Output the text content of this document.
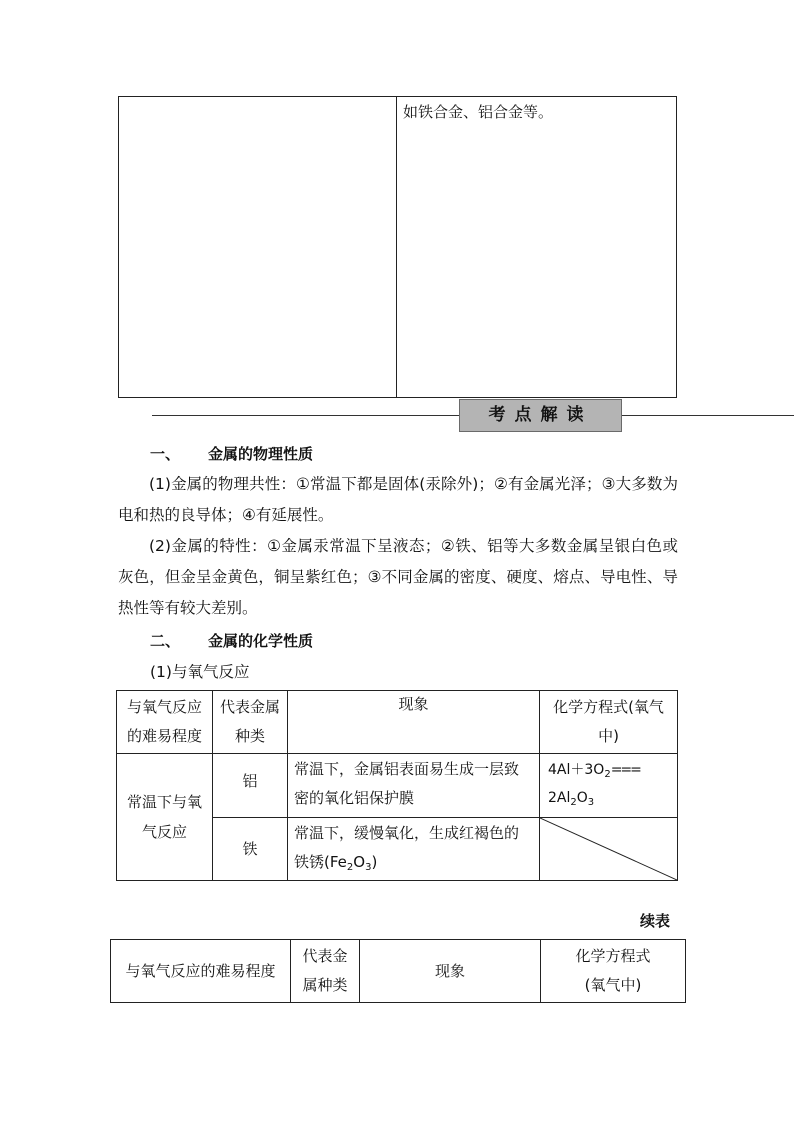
	如铁合金、铝合金等。
考点解读
一、 金属的物理性质
(1)金属的物理共性：①常温下都是固体(汞除外)；②有金属光泽；③大多数为电和热的良导体；④有延展性。
(2)金属的特性：①金属汞常温下呈液态；②铁、铝等大多数金属呈银白色或灰色，但金呈金黄色，铜呈紫红色；③不同金属的密度、硬度、熔点、导电性、导热性等有较大差别。
二、 金属的化学性质
(1)与氧气反应
与氧气反应的难易程度	代表金属种类	现象	化学方程式(氧气中)
常温下与氧气反应	铝	常温下，金属铝表面易生成一层致密的氧化铝保护膜	$4Al+3O_2===$
$2Al_2O_3$
	铁	常温下，缓慢氧化，生成红褐色的铁锈$(Fe_2O_3)$	
续表
与氧气反应的难易程度	代表金属种类	现象	化学方程式(氧气中)
